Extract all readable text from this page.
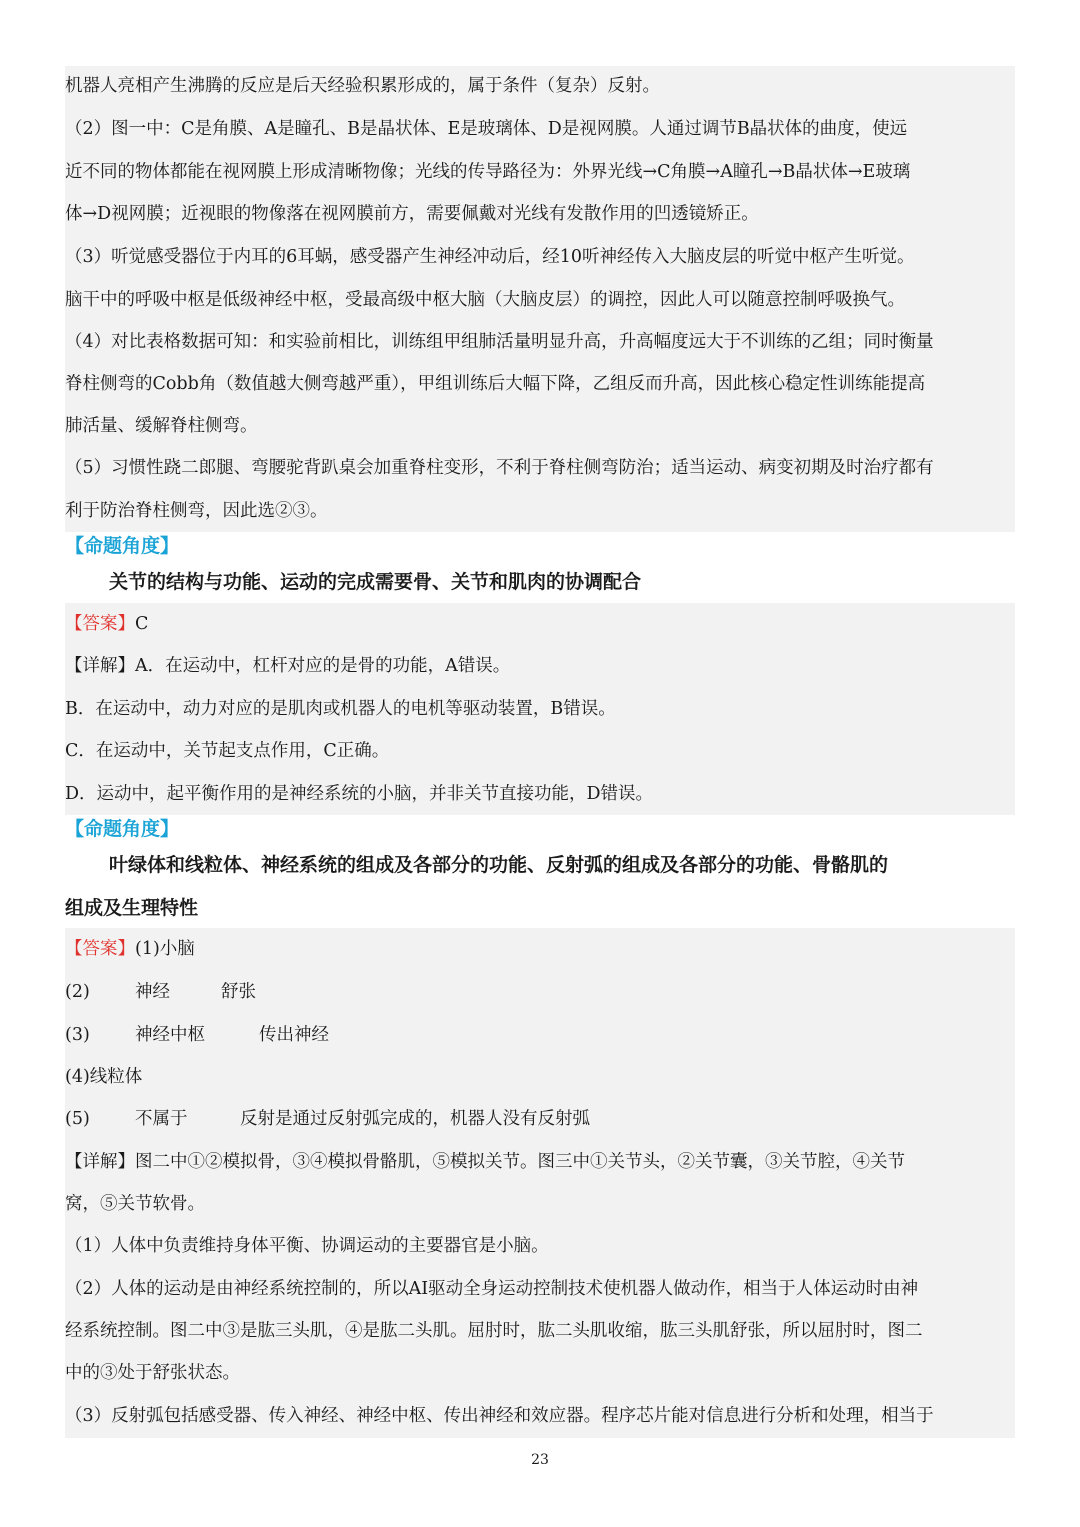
机器人亮相产生沸腾的反应是后天经验积累形成的，属于条件（复杂）反射。
（2）图一中：C是角膜、A是瞳孔、B是晶状体、E是玻璃体、D是视网膜。人通过调节B晶状体的曲度，使远
近不同的物体都能在视网膜上形成清晰物像；光线的传导路径为：外界光线→C角膜→A瞳孔→B晶状体→E玻璃
体→D视网膜；近视眼的物像落在视网膜前方，需要佩戴对光线有发散作用的凹透镜矫正。
（3）听觉感受器位于内耳的6耳蜗，感受器产生神经冲动后，经10听神经传入大脑皮层的听觉中枢产生听觉。
脑干中的呼吸中枢是低级神经中枢，受最高级中枢大脑（大脑皮层）的调控，因此人可以随意控制呼吸换气。
（4）对比表格数据可知：和实验前相比，训练组甲组肺活量明显升高，升高幅度远大于不训练的乙组；同时衡量
脊柱侧弯的Cobb角（数值越大侧弯越严重），甲组训练后大幅下降，乙组反而升高，因此核心稳定性训练能提高
肺活量、缓解脊柱侧弯。
（5）习惯性跷二郎腿、弯腰驼背趴桌会加重脊柱变形，不利于脊柱侧弯防治；适当运动、病变初期及时治疗都有
利于防治脊柱侧弯，因此选②③。
【命题角度】
关节的结构与功能、运动的完成需要骨、关节和肌肉的协调配合
【答案】C
【详解】A．在运动中，杠杆对应的是骨的功能，A错误。
B．在运动中，动力对应的是肌肉或机器人的电机等驱动装置，B错误。
C．在运动中，关节起支点作用，C正确。
D．运动中，起平衡作用的是神经系统的小脑，并非关节直接功能，D错误。
【命题角度】
叶绿体和线粒体、神经系统的组成及各部分的功能、反射弧的组成及各部分的功能、骨骼肌的
组成及生理特性
【答案】(1)小脑
(2)	神经	舒张
(3)	神经中枢	传出神经
(4)线粒体
(5)	不属于	反射是通过反射弧完成的，机器人没有反射弧
【详解】图二中①②模拟骨，③④模拟骨骼肌，⑤模拟关节。图三中①关节头，②关节囊，③关节腔，④关节
窝，⑤关节软骨。
（1）人体中负责维持身体平衡、协调运动的主要器官是小脑。
（2）人体的运动是由神经系统控制的，所以AI驱动全身运动控制技术使机器人做动作，相当于人体运动时由神
经系统控制。图二中③是肱三头肌，④是肱二头肌。屈肘时，肱二头肌收缩，肱三头肌舒张，所以屈肘时，图二
中的③处于舒张状态。
（3）反射弧包括感受器、传入神经、神经中枢、传出神经和效应器。程序芯片能对信息进行分析和处理，相当于
23
